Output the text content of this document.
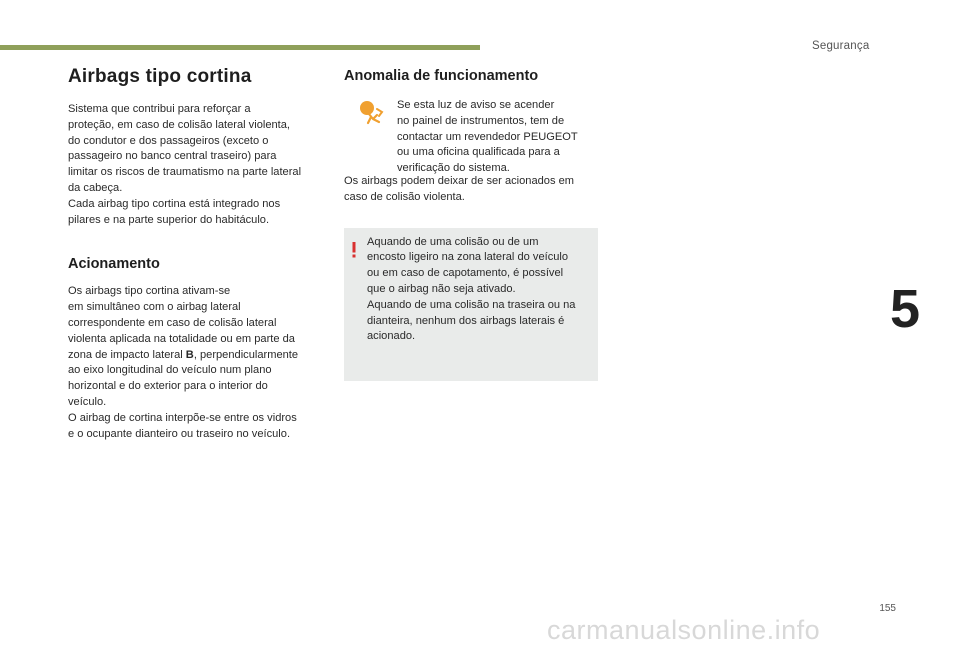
Segurança
5
Airbags tipo cortina

Sistema que contribui para reforçar a
proteção, em caso de colisão lateral violenta,
do condutor e dos passageiros (exceto o
passageiro no banco central traseiro) para
limitar os riscos de traumatismo na parte lateral
da cabeça.
Cada airbag tipo cortina está integrado nos
pilares e na parte superior do habitáculo.

Acionamento

Os airbags tipo cortina ativam-se
em simultâneo com o airbag lateral
correspondente em caso de colisão lateral
violenta aplicada na totalidade ou em parte da
zona de impacto lateral B, perpendicularmente
ao eixo longitudinal do veículo num plano
horizontal e do exterior para o interior do
veículo.
O airbag de cortina interpõe-se entre os vidros
e o ocupante dianteiro ou traseiro no veículo.

Anomalia de funcionamento

Se esta luz de aviso se acender
no painel de instrumentos, tem de
contactar um revendedor PEUGEOT
ou uma oficina qualificada para a
verificação do sistema.

Os airbags podem deixar de ser acionados em
caso de colisão violenta.

Aquando de uma colisão ou de um
encosto ligeiro na zona lateral do veículo
ou em caso de capotamento, é possível
que o airbag não seja ativado.
Aquando de uma colisão na traseira ou na
dianteira, nenhum dos airbags laterais é
acionado.

155
carmanualsonline.info
